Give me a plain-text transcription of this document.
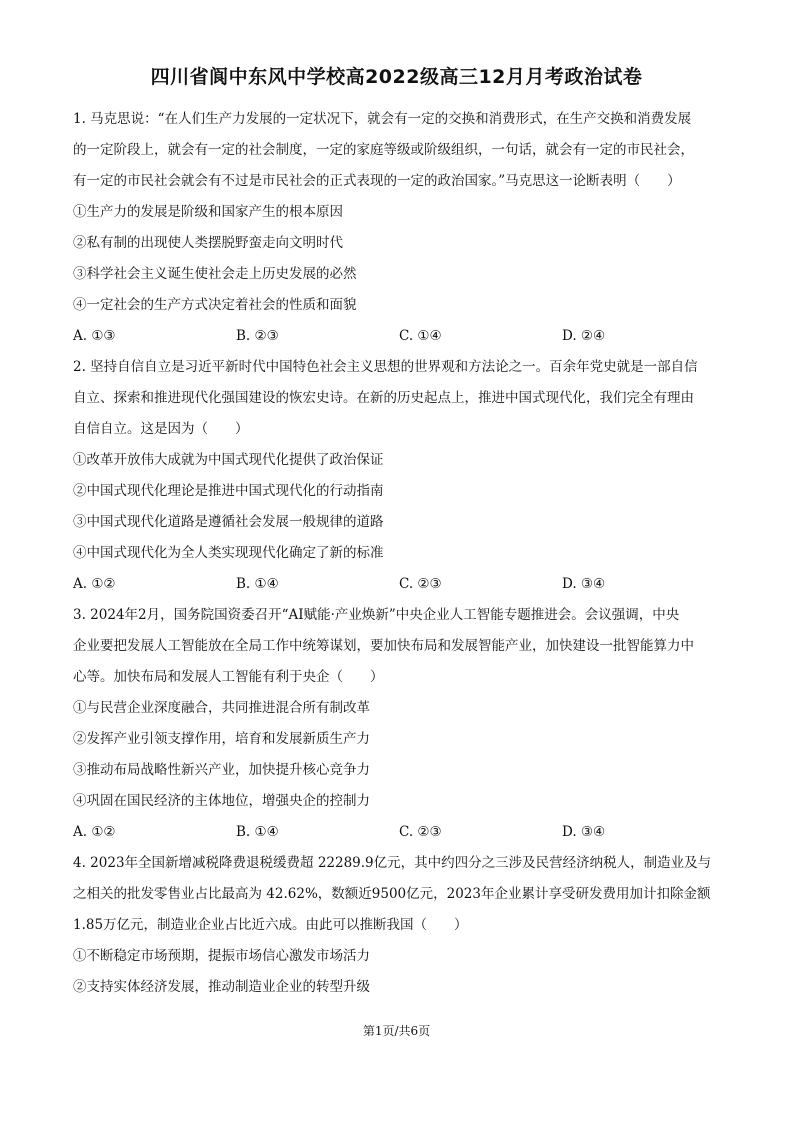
四川省阆中东风中学校高2022级高三12月月考政治试卷
1. 马克思说：“在人们生产力发展的一定状况下，就会有一定的交换和消费形式，在生产交换和消费发展
的一定阶段上，就会有一定的社会制度，一定的家庭等级或阶级组织，一句话，就会有一定的市民社会，
有一定的市民社会就会有不过是市民社会的正式表现的一定的政治国家。”马克思这一论断表明（　　）
①生产力的发展是阶级和国家产生的根本原因
②私有制的出现使人类摆脱野蛮走向文明时代
③科学社会主义诞生使社会走上历史发展的必然
④一定社会的生产方式决定着社会的性质和面貌
A. ①③	B. ②③	C. ①④	D. ②④
2. 坚持自信自立是习近平新时代中国特色社会主义思想的世界观和方法论之一。百余年党史就是一部自信
自立、探索和推进现代化强国建设的恢宏史诗。在新的历史起点上，推进中国式现代化，我们完全有理由
自信自立。这是因为（　　）
①改革开放伟大成就为中国式现代化提供了政治保证
②中国式现代化理论是推进中国式现代化的行动指南
③中国式现代化道路是遵循社会发展一般规律的道路
④中国式现代化为全人类实现现代化确定了新的标准
A. ①②	B. ①④	C. ②③	D. ③④
3. 2024年2月，国务院国资委召开“AI赋能·产业焕新”中央企业人工智能专题推进会。会议强调，中央
企业要把发展人工智能放在全局工作中统筹谋划，要加快布局和发展智能产业，加快建设一批智能算力中
心等。加快布局和发展人工智能有利于央企（　　）
①与民营企业深度融合，共同推进混合所有制改革
②发挥产业引领支撑作用，培育和发展新质生产力
③推动布局战略性新兴产业，加快提升核心竞争力
④巩固在国民经济的主体地位，增强央企的控制力
A. ①②	B. ①④	C. ②③	D. ③④
4. 2023年全国新增减税降费退税缓费超 22289.9亿元，其中约四分之三涉及民营经济纳税人，制造业及与
之相关的批发零售业占比最高为 42.62%，数额近9500亿元，2023年企业累计享受研发费用加计扣除金额
1.85万亿元，制造业企业占比近六成。由此可以推断我国（　　）
①不断稳定市场预期，提振市场信心激发市场活力
②支持实体经济发展，推动制造业企业的转型升级
第1页/共6页
